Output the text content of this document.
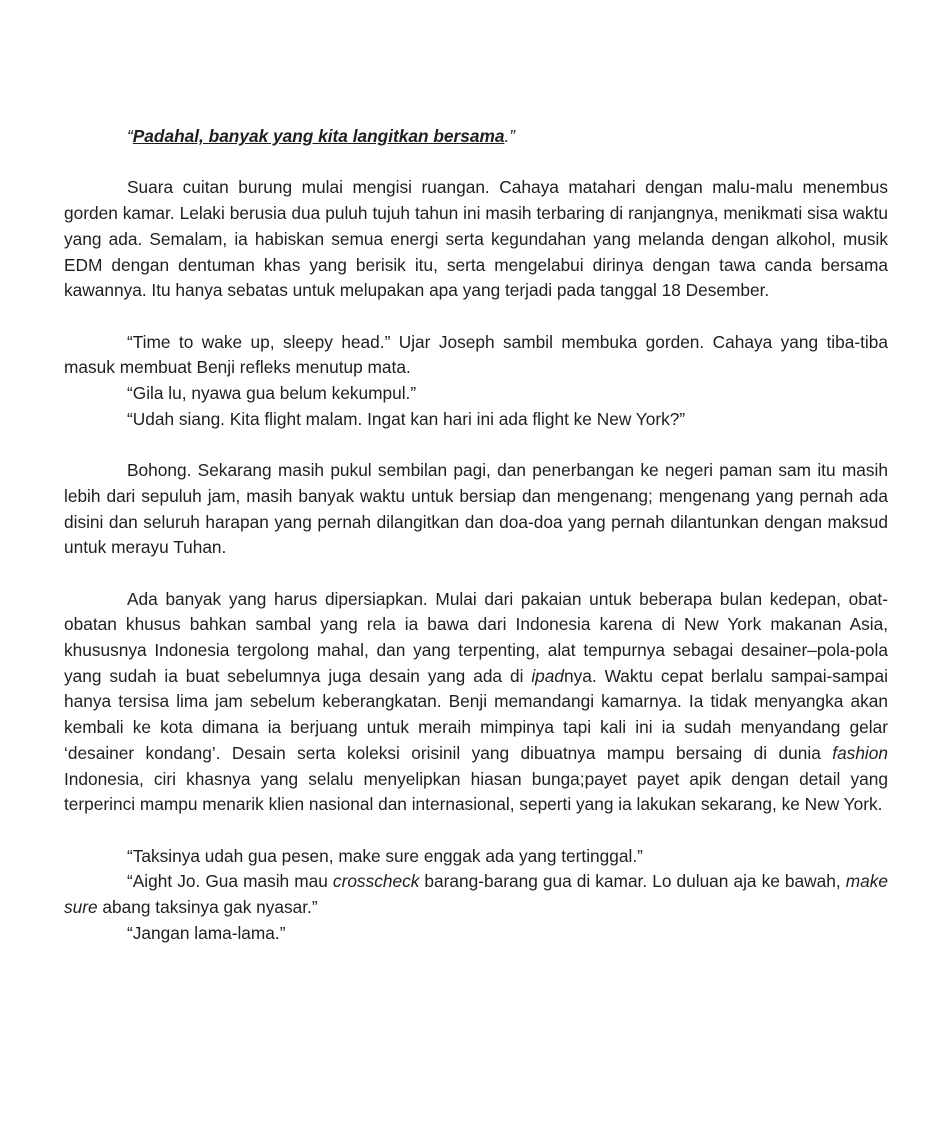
“Padahal, banyak yang kita langitkan bersama.”

Suara cuitan burung mulai mengisi ruangan. Cahaya matahari dengan malu-malu menembus gorden kamar. Lelaki berusia dua puluh tujuh tahun ini masih terbaring di ranjangnya, menikmati sisa waktu yang ada. Semalam, ia habiskan semua energi serta kegundahan yang melanda dengan alkohol, musik EDM dengan dentuman khas yang berisik itu, serta mengelabui dirinya dengan tawa canda bersama kawannya. Itu hanya sebatas untuk melupakan apa yang terjadi pada tanggal 18 Desember.

“Time to wake up, sleepy head.” Ujar Joseph sambil membuka gorden. Cahaya yang tiba-tiba masuk membuat Benji refleks menutup mata.

“Gila lu, nyawa gua belum kekumpul.”

“Udah siang. Kita flight malam. Ingat kan hari ini ada flight ke New York?”

Bohong. Sekarang masih pukul sembilan pagi, dan penerbangan ke negeri paman sam itu masih lebih dari sepuluh jam, masih banyak waktu untuk bersiap dan mengenang; mengenang yang pernah ada disini dan seluruh harapan yang pernah dilangitkan dan doa-doa yang pernah dilantunkan dengan maksud untuk merayu Tuhan.

Ada banyak yang harus dipersiapkan. Mulai dari pakaian untuk beberapa bulan kedepan, obat-obatan khusus bahkan sambal yang rela ia bawa dari Indonesia karena di New York makanan Asia, khususnya Indonesia tergolong mahal, dan yang terpenting, alat tempurnya sebagai desainer–pola-pola yang sudah ia buat sebelumnya juga desain yang ada di ipadnya. Waktu cepat berlalu sampai-sampai hanya tersisa lima jam sebelum keberangkatan. Benji memandangi kamarnya. Ia tidak menyangka akan kembali ke kota dimana ia berjuang untuk meraih mimpinya tapi kali ini ia sudah menyandang gelar ‘desainer kondang’. Desain serta koleksi orisinil yang dibuatnya mampu bersaing di dunia fashion Indonesia, ciri khasnya yang selalu menyelipkan hiasan bunga;payet payet apik dengan detail yang terperinci mampu menarik klien nasional dan internasional, seperti yang ia lakukan sekarang, ke New York.

“Taksinya udah gua pesen, make sure enggak ada yang tertinggal.”

“Aight Jo. Gua masih mau crosscheck barang-barang gua di kamar. Lo duluan aja ke bawah, make sure abang taksinya gak nyasar.”

“Jangan lama-lama.”
